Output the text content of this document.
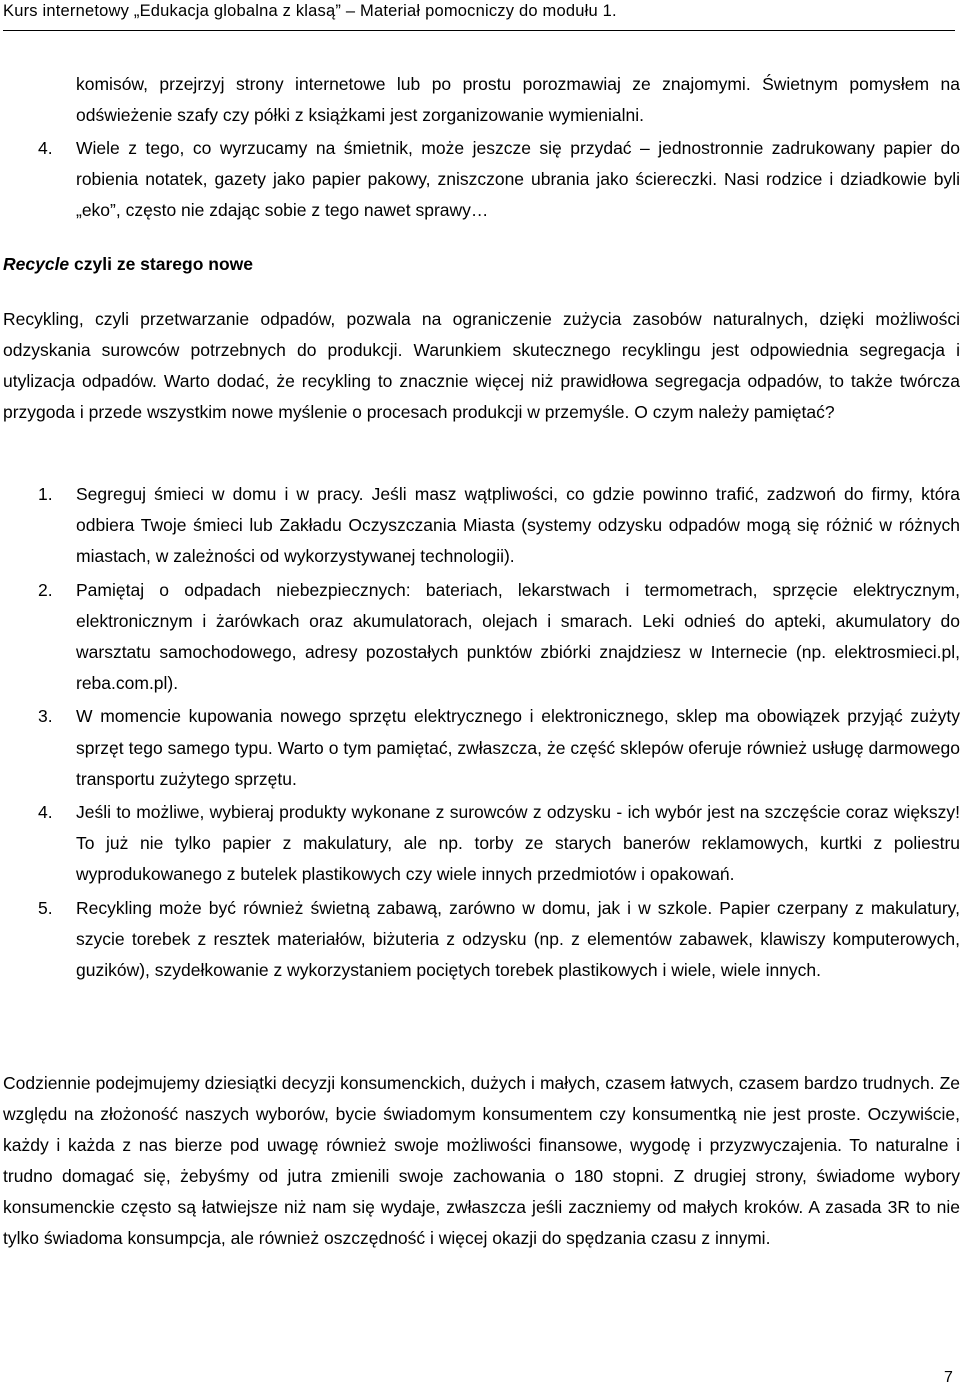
Kurs internetowy „Edukacja globalna z klasą” – Materiał pomocniczy do modułu 1.

komisów, przejrzyj strony internetowe lub po prostu porozmawiaj ze znajomymi. Świetnym pomysłem na odświeżenie szafy czy półki z książkami jest zorganizowanie wymienialni.

4. Wiele z tego, co wyrzucamy na śmietnik, może jeszcze się przydać – jednostronnie zadrukowany papier do robienia notatek, gazety jako papier pakowy, zniszczone ubrania jako ściereczki. Nasi rodzice i dziadkowie byli „eko”, często nie zdając sobie z tego nawet sprawy…
Recycle czyli ze starego nowe

Recykling, czyli przetwarzanie odpadów, pozwala na ograniczenie zużycia zasobów naturalnych, dzięki możliwości odzyskania surowców potrzebnych do produkcji. Warunkiem skutecznego recyklingu jest odpowiednia segregacja i utylizacja odpadów. Warto dodać, że recykling to znacznie więcej niż prawidłowa segregacja odpadów, to także twórcza przygoda i przede wszystkim nowe myślenie o procesach produkcji w przemyśle. O czym należy pamiętać?

1. Segreguj śmieci w domu i w pracy. Jeśli masz wątpliwości, co gdzie powinno trafić, zadzwoń do firmy, która odbiera Twoje śmieci lub Zakładu Oczyszczania Miasta (systemy odzysku odpadów mogą się różnić w różnych miastach, w zależności od wykorzystywanej technologii).
2. Pamiętaj o odpadach niebezpiecznych: bateriach, lekarstwach i termometrach, sprzęcie elektrycznym, elektronicznym i żarówkach oraz akumulatorach, olejach i smarach. Leki odnieś do apteki, akumulatory do warsztatu samochodowego, adresy pozostałych punktów zbiórki znajdziesz w Internecie (np. elektrosmieci.pl, reba.com.pl).
3. W momencie kupowania nowego sprzętu elektrycznego i elektronicznego, sklep ma obowiązek przyjąć zużyty sprzęt tego samego typu. Warto o tym pamiętać, zwłaszcza, że część sklepów oferuje również usługę darmowego transportu zużytego sprzętu.
4. Jeśli to możliwe, wybieraj produkty wykonane z surowców z odzysku - ich wybór jest na szczęście coraz większy! To już nie tylko papier z makulatury, ale np. torby ze starych banerów reklamowych, kurtki z poliestru wyprodukowanego z butelek plastikowych czy wiele innych przedmiotów i opakowań.
5. Recykling może być również świetną zabawą, zarówno w domu, jak i w szkole. Papier czerpany z makulatury, szycie torebek z resztek materiałów, biżuteria z odzysku (np. z elementów zabawek, klawiszy komputerowych, guzików), szydełkowanie z wykorzystaniem pociętych torebek plastikowych i wiele, wiele innych.

Codziennie podejmujemy dziesiątki decyzji konsumenckich, dużych i małych, czasem łatwych, czasem bardzo trudnych. Ze względu na złożoność naszych wyborów, bycie świadomym konsumentem czy konsumentką nie jest proste. Oczywiście, każdy i każda z nas bierze pod uwagę również swoje możliwości finansowe, wygodę i przyzwyczajenia. To naturalne i trudno domagać się, żebyśmy od jutra zmienili swoje zachowania o 180 stopni. Z drugiej strony, świadome wybory konsumenckie często są łatwiejsze niż nam się wydaje, zwłaszcza jeśli zaczniemy od małych kroków. A zasada 3R to nie tylko świadoma konsumpcja, ale również oszczędność i więcej okazji do spędzania czasu z innymi.

7
